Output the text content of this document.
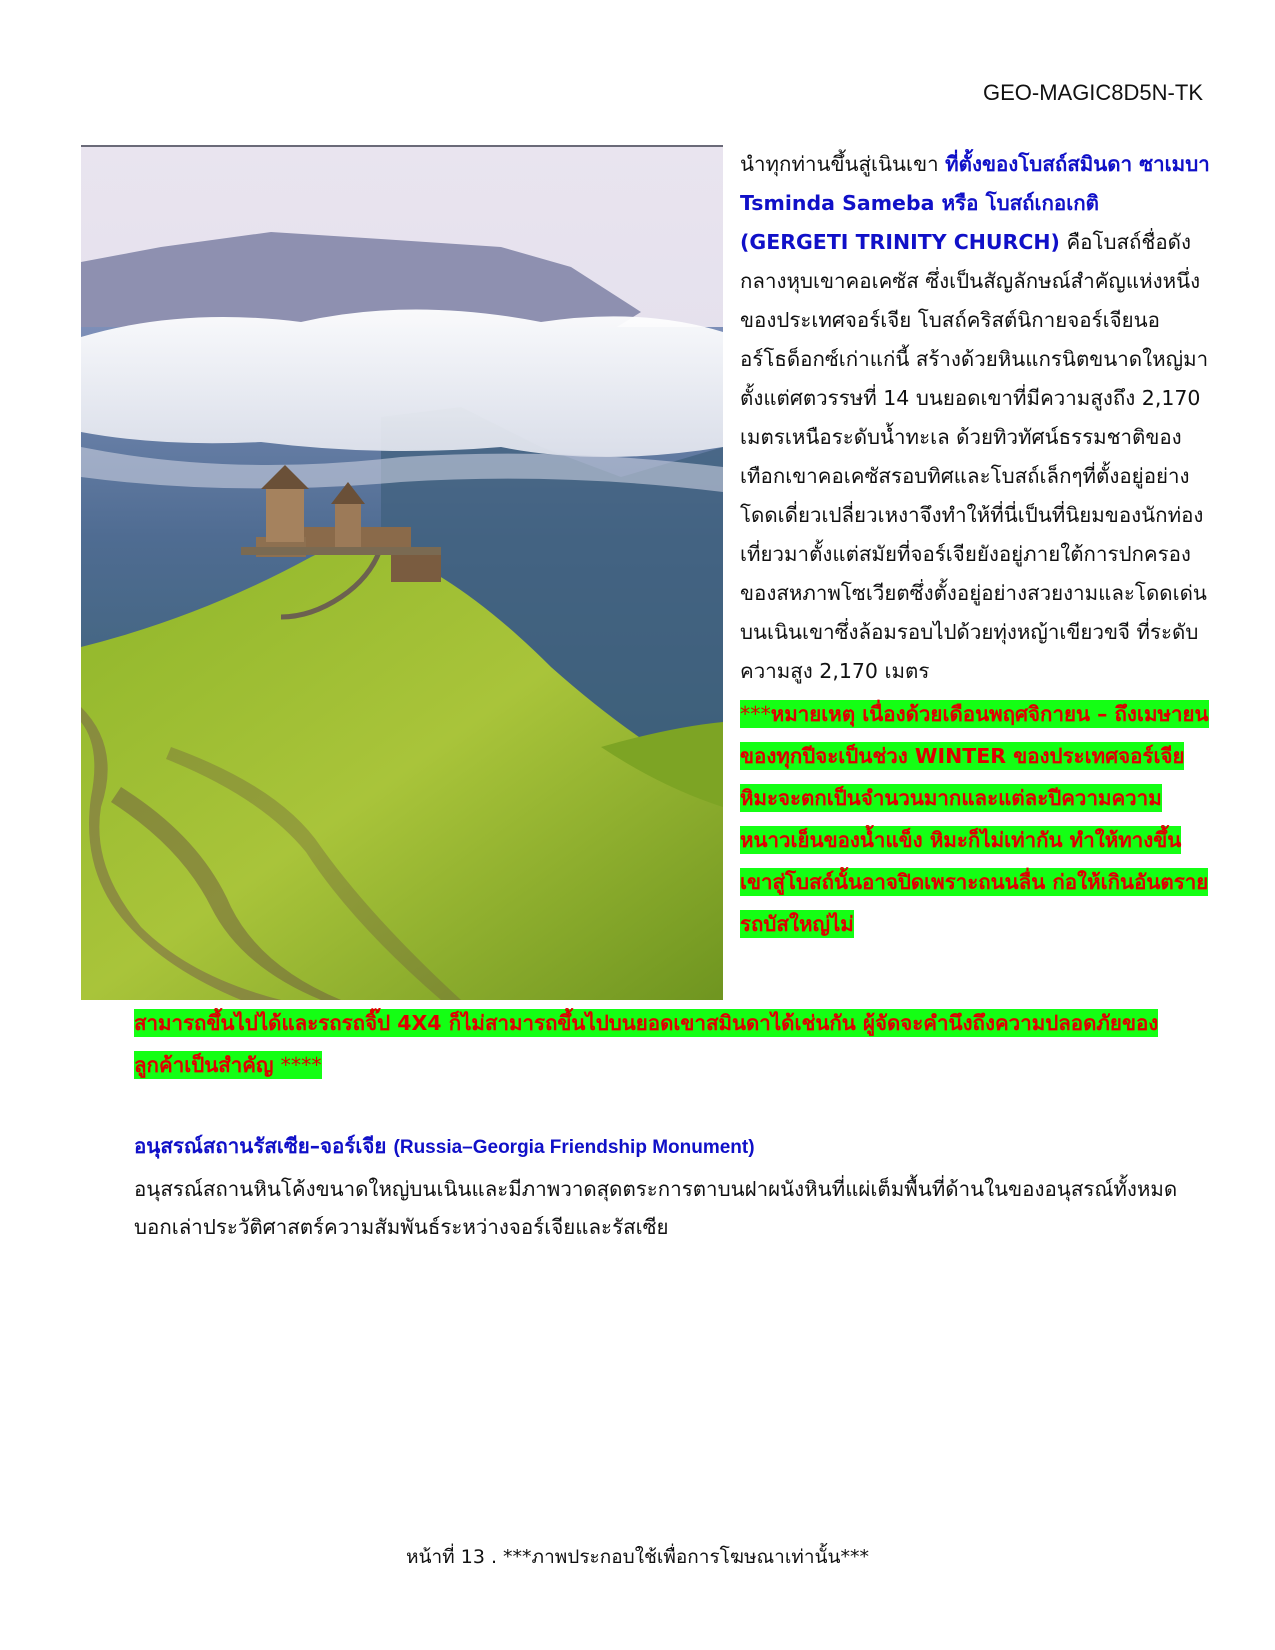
GEO-MAGIC8D5N-TK
นำทุกท่านขึ้นสู่เนินเขา ที่ตั้งของโบสถ์สมินดา ซาเมบา Tsminda Sameba หรือ โบสถ์เกอเกติ (GERGETI TRINITY CHURCH) คือโบสถ์ชื่อดังกลางหุบเขาคอเคซัส ซึ่งเป็นสัญลักษณ์สำคัญแห่งหนึ่งของประเทศจอร์เจีย โบสถ์คริสต์นิกายจอร์เจียนออร์โธด็อกซ์เก่าแก่นี้ สร้างด้วยหินแกรนิตขนาดใหญ่มาตั้งแต่ศตวรรษที่ 14 บนยอดเขาที่มีความสูงถึง 2,170 เมตรเหนือระดับน้ำทะเล ด้วยทิวทัศน์ธรรมชาติของเทือกเขาคอเคซัสรอบทิศและโบสถ์เล็กๆที่ตั้งอยู่อย่างโดดเดี่ยวเปลี่ยวเหงาจึงทำให้ที่นี่เป็นที่นิยมของนักท่องเที่ยวมาตั้งแต่สมัยที่จอร์เจียยังอยู่ภายใต้การปกครองของสหภาพโซเวียตซึ่งตั้งอยู่อย่างสวยงามและโดดเด่น บนเนินเขาซึ่งล้อมรอบไปด้วยทุ่งหญ้าเขียวขจี ที่ระดับความสูง 2,170 เมตร
***หมายเหตุ เนื่องด้วยเดือนพฤศจิกายน – ถึงเมษายน ของทุกปีจะเป็นช่วง WINTER ของประเทศจอร์เจีย หิมะจะตกเป็นจำนวนมากและแต่ละปีความความหนาวเย็นของน้ำแข็ง หิมะก็ไม่เท่ากัน ทำให้ทางขึ้นเขาสู่โบสถ์นั้นอาจปิดเพราะถนนลื่น ก่อให้เกินอันตราย รถบัสใหญ่ไม่
สามารถขึ้นไปได้และรถรถจิ๊ป 4X4 ก็ไม่สามารถขึ้นไปบนยอดเขาสมินดาได้เช่นกัน ผู้จัดจะคำนึงถึงความปลอดภัยของลูกค้าเป็นสำคัญ ****
อนุสรณ์สถานรัสเซีย–จอร์เจีย (Russia–Georgia Friendship Monument)
อนุสรณ์สถานหินโค้งขนาดใหญ่บนเนินและมีภาพวาดสุดตระการตาบนฝาผนังหินที่แผ่เต็มพื้นที่ด้านในของอนุสรณ์ทั้งหมด บอกเล่าประวัติศาสตร์ความสัมพันธ์ระหว่างจอร์เจียและรัสเซีย
หน้าที่ 13 . ***ภาพประกอบใช้เพื่อการโฆษณาเท่านั้น***
